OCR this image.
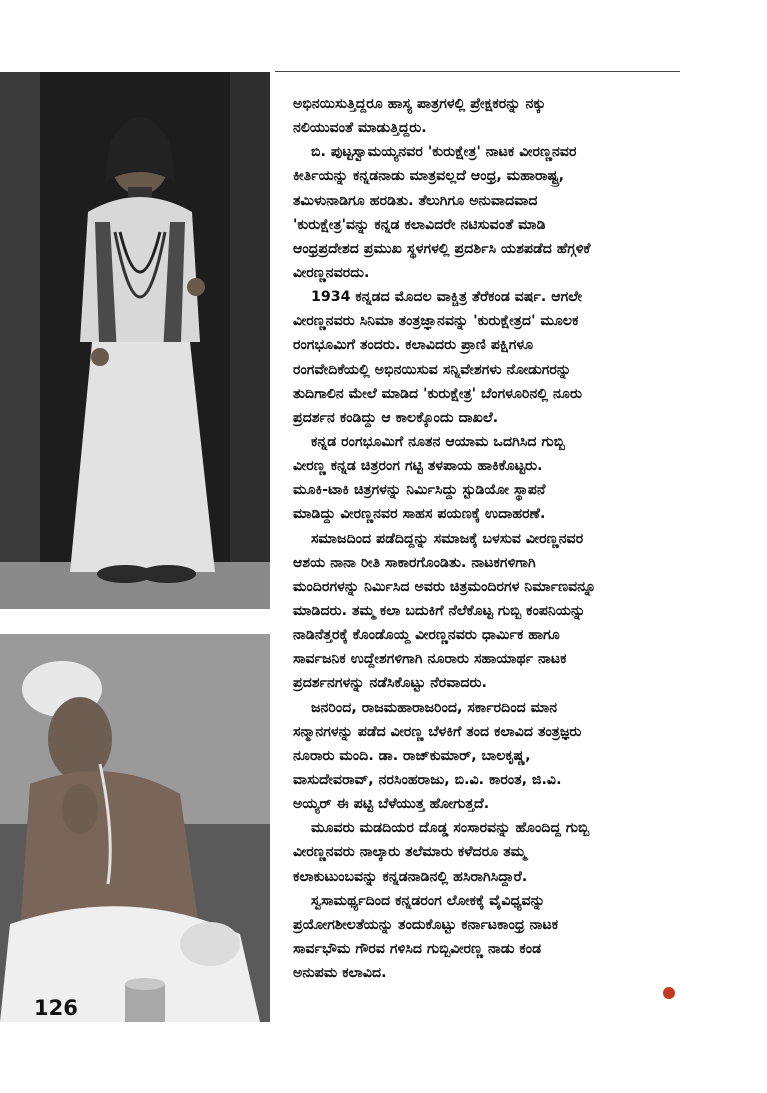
126
ಅಭಿನಯಿಸುತ್ತಿದ್ದರೂ ಹಾಸ್ಯ ಪಾತ್ರಗಳಲ್ಲಿ ಪ್ರೇಕ್ಷಕರನ್ನು ನಕ್ಕು
ನಲಿಯುವಂತೆ ಮಾಡುತ್ತಿದ್ದರು.
ಬಿ. ಪುಟ್ಟಸ್ವಾಮಯ್ಯನವರ 'ಕುರುಕ್ಷೇತ್ರ' ನಾಟಕ ವೀರಣ್ಣನವರ
ಕೀರ್ತಿಯನ್ನು ಕನ್ನಡನಾಡು ಮಾತ್ರವಲ್ಲದೆ ಆಂಧ್ರ, ಮಹಾರಾಷ್ಟ್ರ,
ತಮಿಳುನಾಡಿಗೂ ಹರಡಿತು. ತೆಲುಗಿಗೂ ಅನುವಾದವಾದ
'ಕುರುಕ್ಷೇತ್ರ'ವನ್ನು ಕನ್ನಡ ಕಲಾವಿದರೇ ನಟಿಸುವಂತೆ ಮಾಡಿ
ಆಂಧ್ರಪ್ರದೇಶದ ಪ್ರಮುಖ ಸ್ಥಳಗಳಲ್ಲಿ ಪ್ರದರ್ಶಿಸಿ ಯಶಪಡೆದ ಹೆಗ್ಗಳಿಕೆ
ವೀರಣ್ಣನವರದು.
1934 ಕನ್ನಡದ ಮೊದಲ ವಾಕ್ಚಿತ್ರ ತೆರೆಕಂಡ ವರ್ಷ. ಆಗಲೇ
ವೀರಣ್ಣನವರು ಸಿನಿಮಾ ತಂತ್ರಜ್ಞಾನವನ್ನು 'ಕುರುಕ್ಷೇತ್ರದ' ಮೂಲಕ
ರಂಗಭೂಮಿಗೆ ತಂದರು. ಕಲಾವಿದರು ಪ್ರಾಣಿ ಪಕ್ಷಿಗಳೂ
ರಂಗವೇದಿಕೆಯಲ್ಲಿ ಅಭಿನಯಿಸುವ ಸನ್ನಿವೇಶಗಳು ನೋಡುಗರನ್ನು
ತುದಿಗಾಲಿನ ಮೇಲೆ ಮಾಡಿದ 'ಕುರುಕ್ಷೇತ್ರ' ಬೆಂಗಳೂರಿನಲ್ಲಿ ನೂರು
ಪ್ರದರ್ಶನ ಕಂಡಿದ್ದು ಆ ಕಾಲಕ್ಕೊಂದು ದಾಖಲೆ.
ಕನ್ನಡ ರಂಗಭೂಮಿಗೆ ನೂತನ ಆಯಾಮ ಒದಗಿಸಿದ ಗುಬ್ಬಿ
ವೀರಣ್ಣ ಕನ್ನಡ ಚಿತ್ರರಂಗ ಗಟ್ಟಿ ತಳಪಾಯ ಹಾಕಿಕೊಟ್ಟರು.
ಮೂಕಿ-ಟಾಕಿ ಚಿತ್ರಗಳನ್ನು ನಿರ್ಮಿಸಿದ್ದು ಸ್ಟುಡಿಯೋ ಸ್ಥಾಪನೆ
ಮಾಡಿದ್ದು ವೀರಣ್ಣನವರ ಸಾಹಸ ಪಯಣಕ್ಕೆ ಉದಾಹರಣೆ.
ಸಮಾಜದಿಂದ ಪಡೆದಿದ್ದನ್ನು ಸಮಾಜಕ್ಕೆ ಬಳಸುವ ವೀರಣ್ಣನವರ
ಆಶಯ ನಾನಾ ರೀತಿ ಸಾಕಾರಗೊಂಡಿತು. ನಾಟಕಗಳಿಗಾಗಿ
ಮಂದಿರಗಳನ್ನು ನಿರ್ಮಿಸಿದ ಅವರು ಚಿತ್ರಮಂದಿರಗಳ ನಿರ್ಮಾಣವನ್ನೂ
ಮಾಡಿದರು. ತಮ್ಮ ಕಲಾ ಬದುಕಿಗೆ ನೆಲೆಕೊಟ್ಟ ಗುಬ್ಬಿ ಕಂಪನಿಯನ್ನು
ನಾಡಿನೆತ್ತರಕ್ಕೆ ಕೊಂಡೊಯ್ದ ವೀರಣ್ಣನವರು ಧಾರ್ಮಿಕ ಹಾಗೂ
ಸಾರ್ವಜನಿಕ ಉದ್ದೇಶಗಳಿಗಾಗಿ ನೂರಾರು ಸಹಾಯಾರ್ಥ ನಾಟಕ
ಪ್ರದರ್ಶನಗಳನ್ನು ನಡೆಸಿಕೊಟ್ಟು ನೆರವಾದರು.
ಜನರಿಂದ, ರಾಜಮಹಾರಾಜರಿಂದ, ಸರ್ಕಾರದಿಂದ ಮಾನ
ಸನ್ಮಾನಗಳನ್ನು ಪಡೆದ ವೀರಣ್ಣ ಬೆಳಕಿಗೆ ತಂದ ಕಲಾವಿದ ತಂತ್ರಜ್ಞರು
ನೂರಾರು ಮಂದಿ. ಡಾ. ರಾಜ್‌ಕುಮಾರ್, ಬಾಲಕೃಷ್ಣ,
ವಾಸುದೇವರಾವ್, ನರಸಿಂಹರಾಜು, ಬಿ.ವಿ. ಕಾರಂತ, ಜಿ.ವಿ.
ಅಯ್ಯರ್ ಈ ಪಟ್ಟಿ ಬೆಳೆಯುತ್ತ ಹೋಗುತ್ತದೆ.
ಮೂವರು ಮಡದಿಯರ ದೊಡ್ಡ ಸಂಸಾರವನ್ನು ಹೊಂದಿದ್ದ ಗುಬ್ಬಿ
ವೀರಣ್ಣನವರು ನಾಲ್ಕಾರು ತಲೆಮಾರು ಕಳೆದರೂ ತಮ್ಮ
ಕಲಾಕುಟುಂಬವನ್ನು ಕನ್ನಡನಾಡಿನಲ್ಲಿ ಹಸಿರಾಗಿಸಿದ್ದಾರೆ.
ಸ್ವಸಾಮರ್ಥ್ಯದಿಂದ ಕನ್ನಡರಂಗ ಲೋಕಕ್ಕೆ ವೈವಿಧ್ಯವನ್ನು
ಪ್ರಯೋಗಶೀಲತೆಯನ್ನು ತಂದುಕೊಟ್ಟು ಕರ್ನಾಟಕಾಂಧ್ರ ನಾಟಕ
ಸಾರ್ವಭೌಮ ಗೌರವ ಗಳಿಸಿದ ಗುಬ್ಬಿವೀರಣ್ಣ ನಾಡು ಕಂಡ
ಅನುಪಮ ಕಲಾವಿದ.
